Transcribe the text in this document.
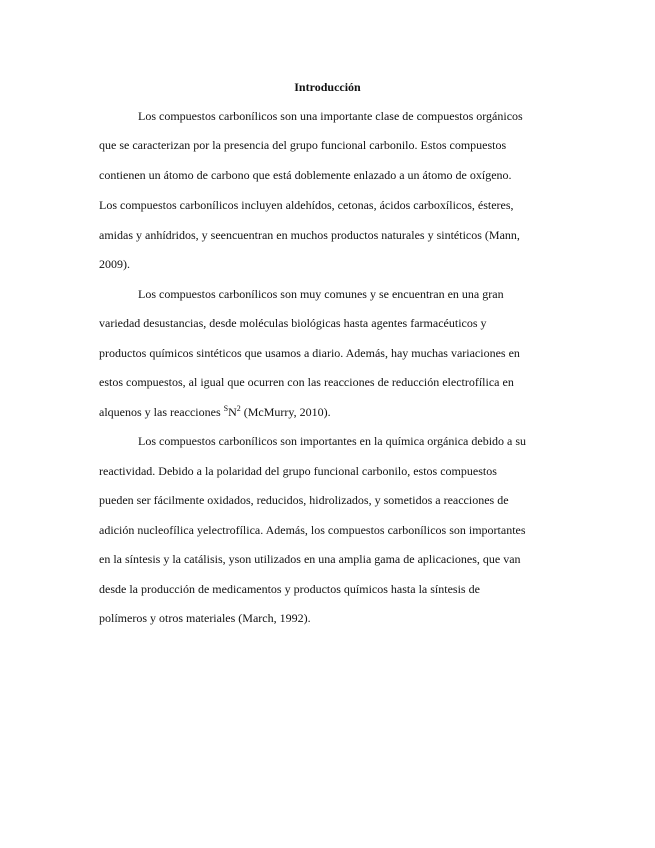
Introducción

Los compuestos carbonílicos son una importante clase de compuestos orgánicos

que se caracterizan por la presencia del grupo funcional carbonilo. Estos compuestos

contienen un átomo de carbono que está doblemente enlazado a un átomo de oxígeno.

Los compuestos carbonílicos incluyen aldehídos, cetonas, ácidos carboxílicos, ésteres,

amidas y anhídridos, y seencuentran en muchos productos naturales y sintéticos (Mann,

2009).

Los compuestos carbonílicos son muy comunes y se encuentran en una gran

variedad desustancias, desde moléculas biológicas hasta agentes farmacéuticos y

productos químicos sintéticos que usamos a diario. Además, hay muchas variaciones en

estos compuestos, al igual que ocurren con las reacciones de reducción electrofílica en

alquenos y las reacciones $^SN^2$ (McMurry, 2010).

Los compuestos carbonílicos son importantes en la química orgánica debido a su

reactividad. Debido a la polaridad del grupo funcional carbonilo, estos compuestos

pueden ser fácilmente oxidados, reducidos, hidrolizados, y sometidos a reacciones de

adición nucleofílica yelectrofílica. Además, los compuestos carbonílicos son importantes

en la síntesis y la catálisis, yson utilizados en una amplia gama de aplicaciones, que van

desde la producción de medicamentos y productos químicos hasta la síntesis de

polímeros y otros materiales (March, 1992).
